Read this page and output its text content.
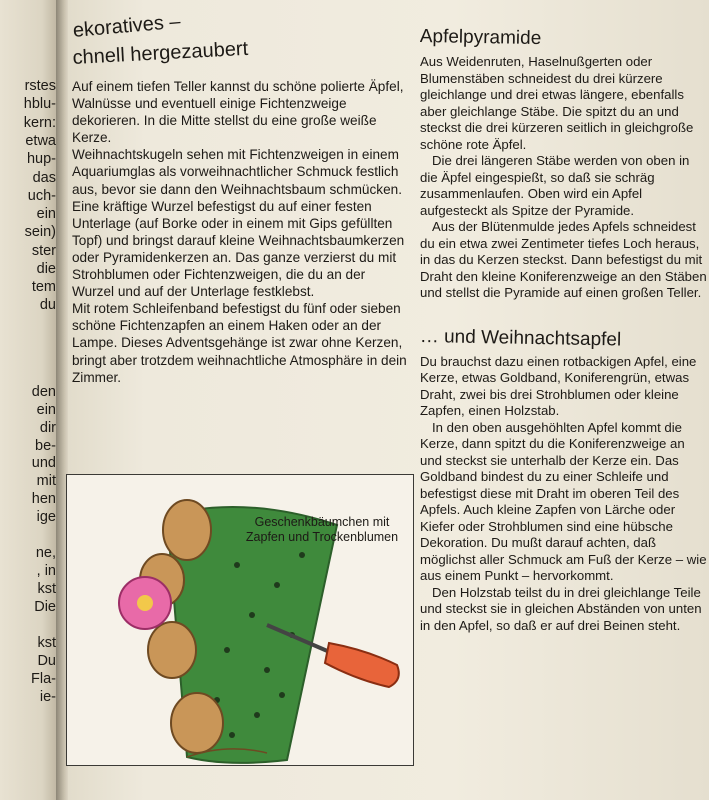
rstes
hblu-
kern:
etwa
hup-
das
uch-
ein
sein)
ster
die
tem
du
den
ein
dir
be-
und
mit
hen
ige
ne,
, in
kst
Die
kst
Du
Fla-
ie-
ekoratives –
chnell hergezaubert

Auf einem tiefen Teller kannst du schöne polierte Äpfel, Walnüsse und eventuell einige Fichtenzweige dekorieren. In die Mitte stellst du eine große weiße Kerze.

Weihnachtskugeln sehen mit Fichtenzweigen in einem Aquariumglas als vorweihnachtlicher Schmuck festlich aus, bevor sie dann den Weihnachtsbaum schmücken.

Eine kräftige Wurzel befestigst du auf einer festen Unterlage (auf Borke oder in einem mit Gips gefüllten Topf) und bringst darauf kleine Weihnachtsbaumkerzen oder Pyramidenkerzen an. Das ganze verzierst du mit Strohblumen oder Fichtenzweigen, die du an der Wurzel und auf der Unterlage festklebst.

Mit rotem Schleifenband befestigst du fünf oder sieben schöne Fichtenzapfen an einem Haken oder an der Lampe. Dieses Adventsgehänge ist zwar ohne Kerzen, bringt aber trotzdem weihnachtliche Atmosphäre in dein Zimmer.

Apfelpyramide

Aus Weidenruten, Haselnußgerten oder Blumenstäben schneidest du drei kürzere gleichlange und drei etwas längere, ebenfalls aber gleichlange Stäbe. Die spitzt du an und steckst die drei kürzeren seitlich in gleichgroße schöne rote Äpfel.

Die drei längeren Stäbe werden von oben in die Äpfel eingespießt, so daß sie schräg zusammenlaufen. Oben wird ein Apfel aufgesteckt als Spitze der Pyramide.

Aus der Blütenmulde jedes Apfels schneidest du ein etwa zwei Zentimeter tiefes Loch heraus, in das du Kerzen steckst. Dann befestigst du mit Draht den kleine Koniferenzweige an den Stäben und stellst die Pyramide auf einen großen Teller.

… und Weihnachtsapfel

Du brauchst dazu einen rotbackigen Apfel, eine Kerze, etwas Goldband, Koniferengrün, etwas Draht, zwei bis drei Strohblumen oder kleine Zapfen, einen Holzstab.

In den oben ausgehöhlten Apfel kommt die Kerze, dann spitzt du die Koniferenzweige an und steckst sie unterhalb der Kerze ein. Das Goldband bindest du zu einer Schleife und befestigst diese mit Draht im oberen Teil des Apfels. Auch kleine Zapfen von Lärche oder Kiefer oder Strohblumen sind eine hübsche Dekoration. Du mußt darauf achten, daß möglichst aller Schmuck am Fuß der Kerze – wie aus einem Punkt – hervorkommt.

Den Holzstab teilst du in drei gleichlange Teile und steckst sie in gleichen Abständen von unten in den Apfel, so daß er auf drei Beinen steht.

Geschenkbäumchen mit
Zapfen und Trockenblumen
